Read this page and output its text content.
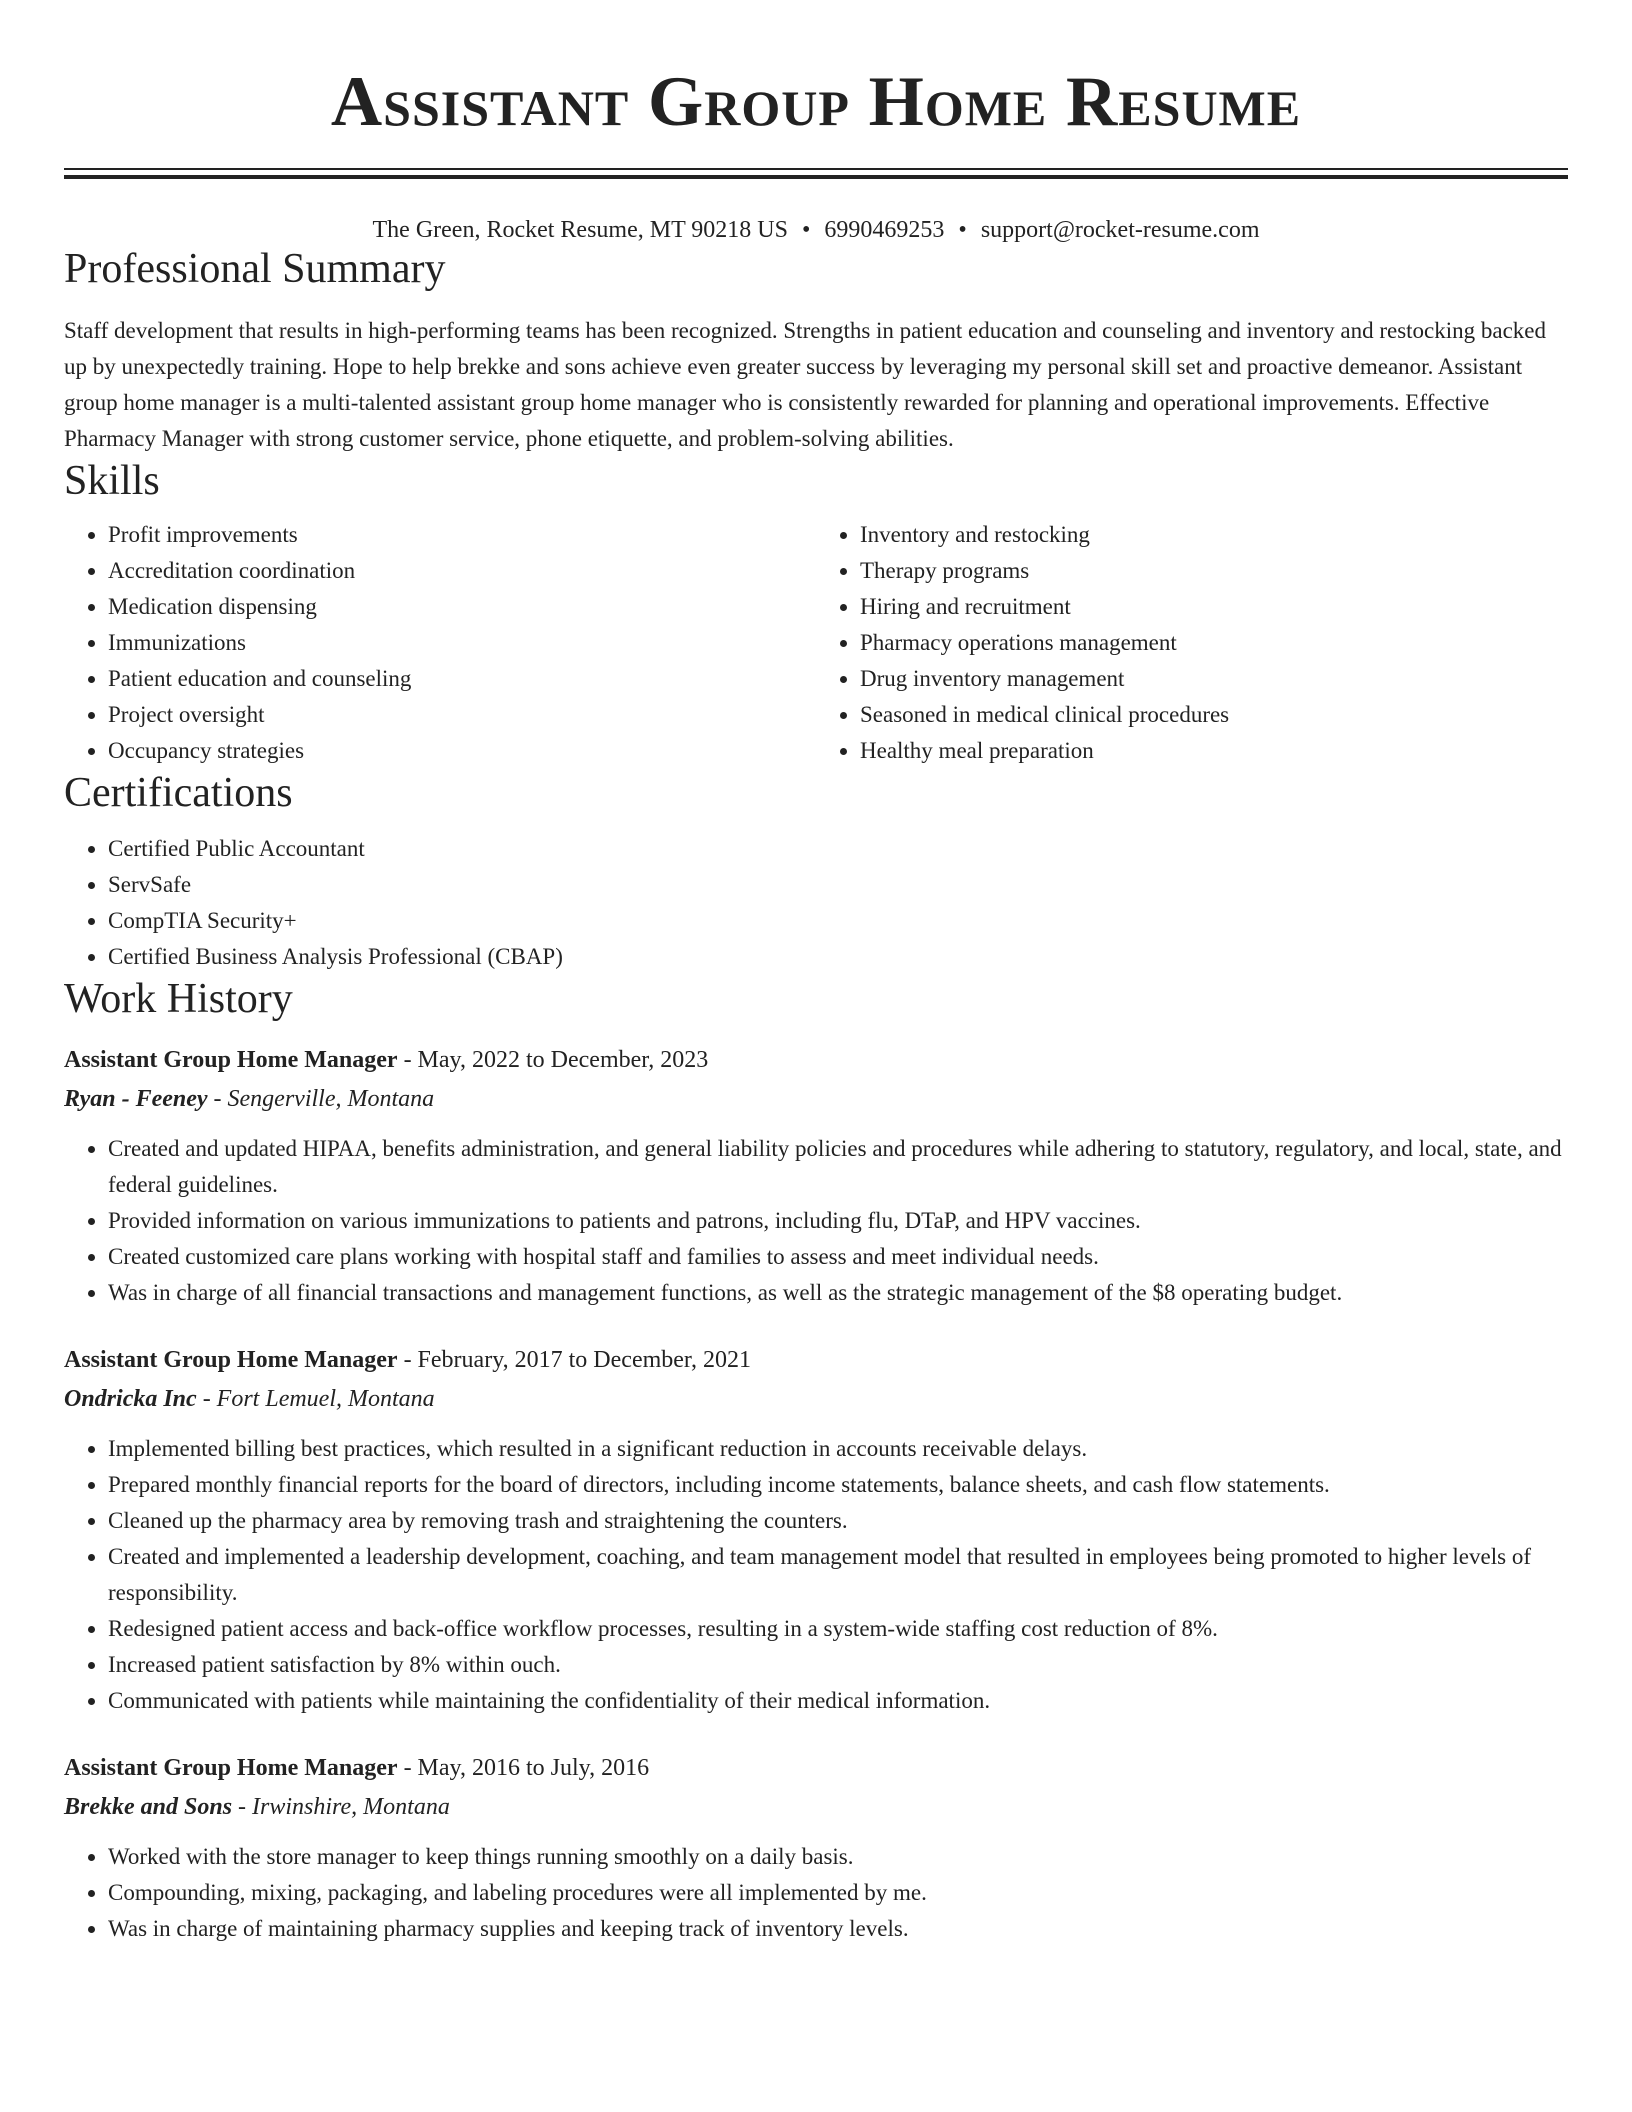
Assistant Group Home Resume
The Green, Rocket Resume, MT 90218 US • 6990469253 • support@rocket-resume.com
Professional Summary

Staff development that results in high-performing teams has been recognized. Strengths in patient education and counseling and inventory and restocking backed up by unexpectedly training. Hope to help brekke and sons achieve even greater success by leveraging my personal skill set and proactive demeanor. Assistant group home manager is a multi-talented assistant group home manager who is consistently rewarded for planning and operational improvements. Effective Pharmacy Manager with strong customer service, phone etiquette, and problem-solving abilities.

Skills
• Profit improvements
• Accreditation coordination
• Medication dispensing
• Immunizations
• Patient education and counseling
• Project oversight
• Occupancy strategies
• Inventory and restocking
• Therapy programs
• Hiring and recruitment
• Pharmacy operations management
• Drug inventory management
• Seasoned in medical clinical procedures
• Healthy meal preparation
Certifications
• Certified Public Accountant
• ServSafe
• CompTIA Security+
• Certified Business Analysis Professional (CBAP)
Work History
Assistant Group Home Manager - May, 2022 to December, 2023
Ryan - Feeney - Sengerville, Montana
• Created and updated HIPAA, benefits administration, and general liability policies and procedures while adhering to statutory, regulatory, and local, state, and federal guidelines.
• Provided information on various immunizations to patients and patrons, including flu, DTaP, and HPV vaccines.
• Created customized care plans working with hospital staff and families to assess and meet individual needs.
• Was in charge of all financial transactions and management functions, as well as the strategic management of the $8 operating budget.
Assistant Group Home Manager - February, 2017 to December, 2021
Ondricka Inc - Fort Lemuel, Montana
• Implemented billing best practices, which resulted in a significant reduction in accounts receivable delays.
• Prepared monthly financial reports for the board of directors, including income statements, balance sheets, and cash flow statements.
• Cleaned up the pharmacy area by removing trash and straightening the counters.
• Created and implemented a leadership development, coaching, and team management model that resulted in employees being promoted to higher levels of responsibility.
• Redesigned patient access and back-office workflow processes, resulting in a system-wide staffing cost reduction of 8%.
• Increased patient satisfaction by 8% within ouch.
• Communicated with patients while maintaining the confidentiality of their medical information.
Assistant Group Home Manager - May, 2016 to July, 2016
Brekke and Sons - Irwinshire, Montana
• Worked with the store manager to keep things running smoothly on a daily basis.
• Compounding, mixing, packaging, and labeling procedures were all implemented by me.
• Was in charge of maintaining pharmacy supplies and keeping track of inventory levels.
